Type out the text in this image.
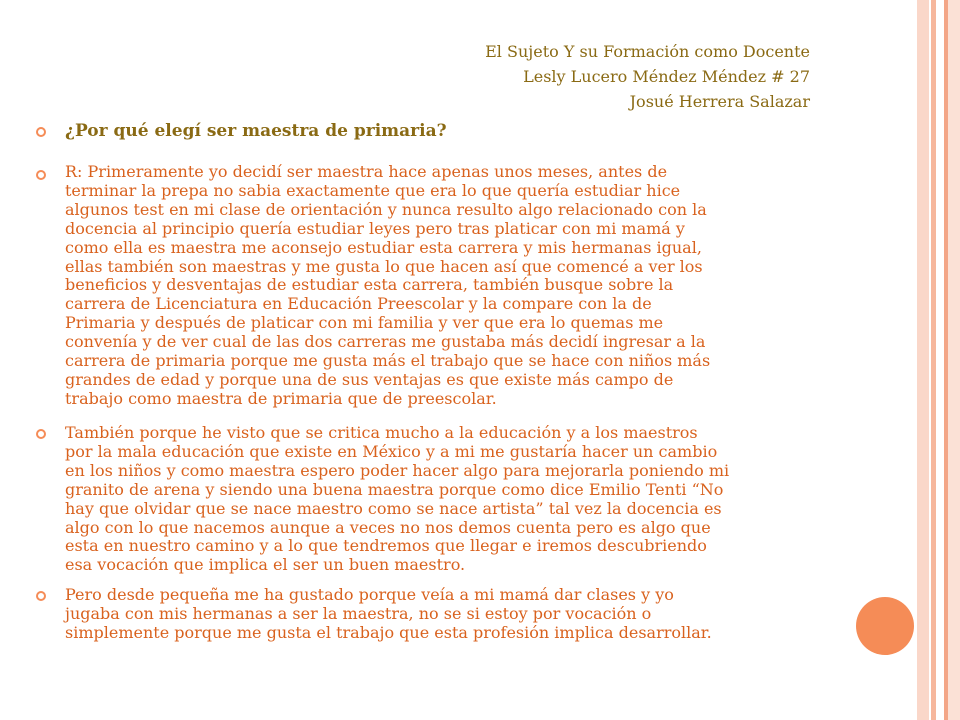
El Sujeto Y su Formación como Docente
Lesly Lucero Méndez Méndez # 27
Josué Herrera Salazar
¿Por qué elegí ser maestra de primaria?
R: Primeramente yo decidí ser maestra hace apenas unos meses, antes de
terminar la prepa no sabia exactamente que era lo que quería estudiar hice
algunos test en mi clase de orientación y nunca resulto algo relacionado con la
docencia al principio quería estudiar leyes pero tras platicar con mi mamá y
como ella es maestra me aconsejo estudiar esta carrera y mis hermanas igual,
ellas también son maestras y me gusta lo que hacen así que comencé a ver los
beneficios y desventajas de estudiar esta carrera, también busque sobre la
carrera de Licenciatura en Educación Preescolar y la compare con la de
Primaria y después de platicar con mi familia y ver que era lo quemas me
convenía y de ver cual de las dos carreras me gustaba más decidí ingresar a la
carrera de primaria porque me gusta más el trabajo que se hace con niños más
grandes de edad y porque una de sus ventajas es que existe más campo de
trabajo como maestra de primaria que de preescolar.
También porque he visto que se critica mucho a la educación y a los maestros
por la mala educación que existe en México y a mi me gustaría hacer un cambio
en los niños y como maestra espero poder hacer algo para mejorarla poniendo mi
granito de arena y siendo una buena maestra porque como dice Emilio Tenti “No
hay que olvidar que se nace maestro como se nace artista” tal vez la docencia es
algo con lo que nacemos aunque a veces no nos demos cuenta pero es algo que
esta en nuestro camino y a lo que tendremos que llegar e iremos descubriendo
esa vocación que implica el ser un buen maestro.
Pero desde pequeña me ha gustado porque veía a mi mamá dar clases y yo
jugaba con mis hermanas a ser la maestra, no se si estoy por vocación o
simplemente porque me gusta el trabajo que esta profesión implica desarrollar.
